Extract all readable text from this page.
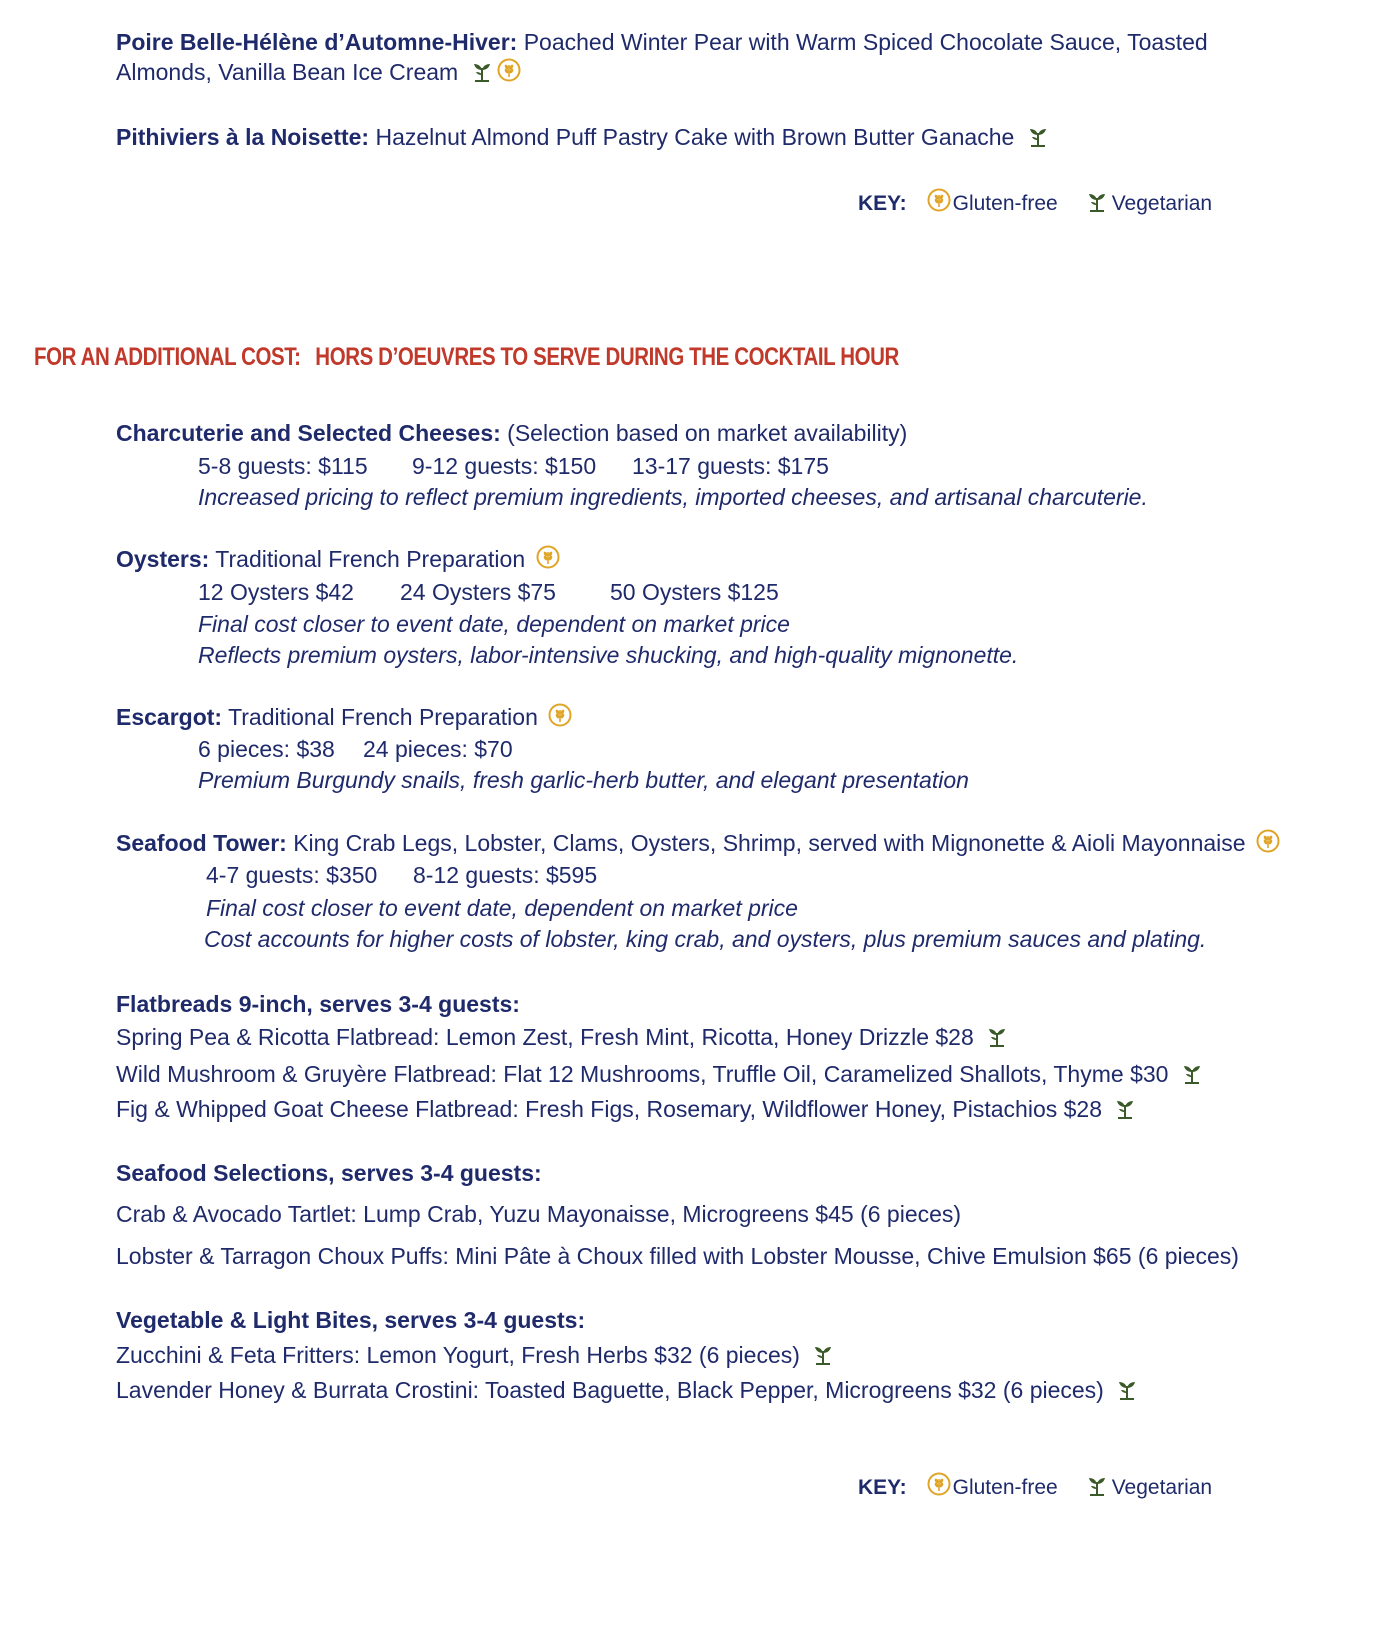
Poire Belle-Hélène d’Automne-Hiver: Poached Winter Pear with Warm Spiced Chocolate Sauce, Toasted
Almonds, Vanilla Bean Ice Cream
Pithiviers à la Noisette: Hazelnut Almond Puff Pastry Cake with Brown Butter Ganache
KEY: Gluten-free	Vegetarian
FOR AN ADDITIONAL COST: HORS D’OEUVRES TO SERVE DURING THE COCKTAIL HOUR
Charcuterie and Selected Cheeses: (Selection based on market availability)
5-8 guests: $115 9-12 guests: $150 13-17 guests: $175
Increased pricing to reflect premium ingredients, imported cheeses, and artisanal charcuterie.
Oysters: Traditional French Preparation
12 Oysters $42 24 Oysters $75 50 Oysters $125
Final cost closer to event date, dependent on market price
Reflects premium oysters, labor-intensive shucking, and high-quality mignonette.
Escargot: Traditional French Preparation
6 pieces: $38 24 pieces: $70
Premium Burgundy snails, fresh garlic-herb butter, and elegant presentation
Seafood Tower: King Crab Legs, Lobster, Clams, Oysters, Shrimp, served with Mignonette & Aioli Mayonnaise
4-7 guests: $350 8-12 guests: $595
Final cost closer to event date, dependent on market price
Cost accounts for higher costs of lobster, king crab, and oysters, plus premium sauces and plating.
Flatbreads 9-inch, serves 3-4 guests:
Spring Pea & Ricotta Flatbread: Lemon Zest, Fresh Mint, Ricotta, Honey Drizzle $28
Wild Mushroom & Gruyère Flatbread: Flat 12 Mushrooms, Truffle Oil, Caramelized Shallots, Thyme $30
Fig & Whipped Goat Cheese Flatbread: Fresh Figs, Rosemary, Wildflower Honey, Pistachios $28
Seafood Selections, serves 3-4 guests:
Crab & Avocado Tartlet: Lump Crab, Yuzu Mayonaisse, Microgreens $45 (6 pieces)
Lobster & Tarragon Choux Puffs: Mini Pâte à Choux filled with Lobster Mousse, Chive Emulsion $65 (6 pieces)
Vegetable & Light Bites, serves 3-4 guests:
Zucchini & Feta Fritters: Lemon Yogurt, Fresh Herbs $32 (6 pieces)
Lavender Honey & Burrata Crostini: Toasted Baguette, Black Pepper, Microgreens $32 (6 pieces)
KEY: Gluten-free	Vegetarian
